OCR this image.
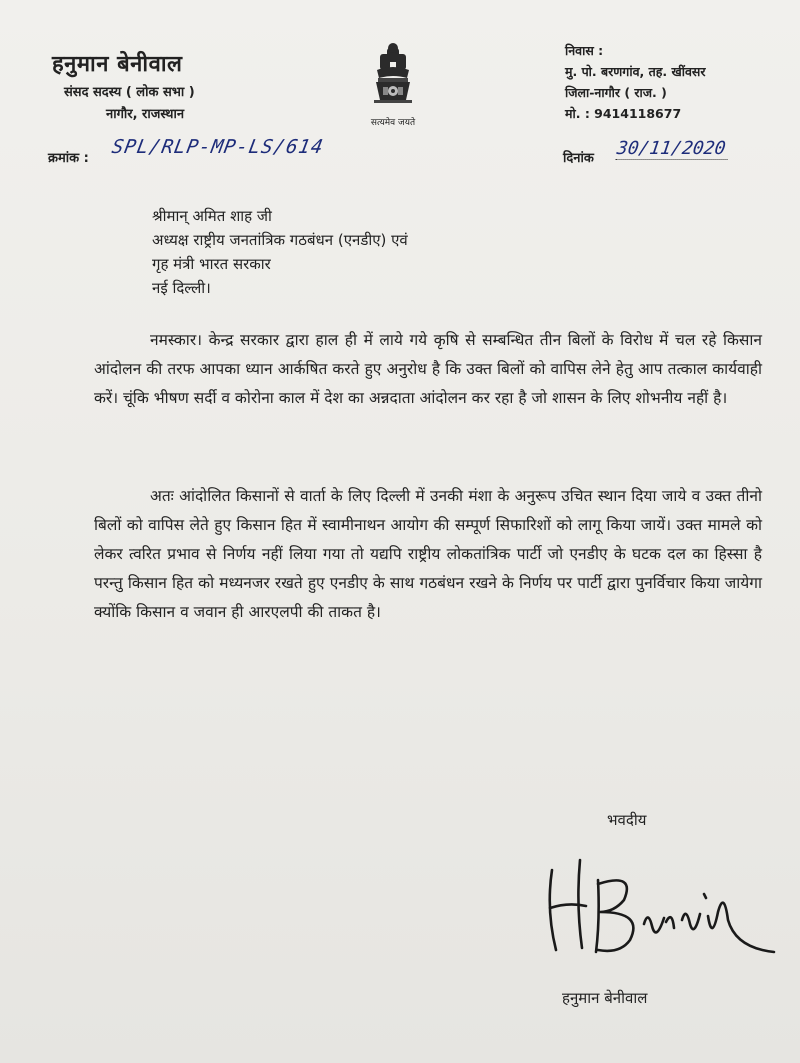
हनुमान बेनीवाल
संसद सदस्य ( लोक सभा )
नागौर, राजस्थान
सत्यमेव जयते
निवास :
मु. पो. बरणगांव, तह. खींवसर
जिला-नागौर ( राज. )
मो. : 9414118677
क्रमांक :
SPL/RLP-MP-LS/614
दिनांक 30/11/2020
श्रीमान् अमित शाह जी
अध्यक्ष राष्ट्रीय जनतांत्रिक गठबंधन (एनडीए) एवं
गृह मंत्री भारत सरकार
नई दिल्ली।
नमस्कार। केन्द्र सरकार द्वारा हाल ही में लाये गये कृषि से सम्बन्धित तीन बिलों के विरोध में चल रहे किसान आंदोलन की तरफ आपका ध्यान आर्कषित करते हुए अनुरोध है कि उक्त बिलों को वापिस लेने हेतु आप तत्काल कार्यवाही करें। चूंकि भीषण सर्दी व कोरोना काल में देश का अन्नदाता आंदोलन कर रहा है जो शासन के लिए शोभनीय नहीं है।
अतः आंदोलित किसानों से वार्ता के लिए दिल्ली में उनकी मंशा के अनुरूप उचित स्थान दिया जाये व उक्त तीनो बिलों को वापिस लेते हुए किसान हित में स्वामीनाथन आयोग की सम्पूर्ण सिफारिशों को लागू किया जायें। उक्त मामले को लेकर त्वरित प्रभाव से निर्णय नहीं लिया गया तो यद्यपि राष्ट्रीय लोकतांत्रिक पार्टी जो एनडीए के घटक दल का हिस्सा है परन्तु किसान हित को मध्यनजर रखते हुए एनडीए के साथ गठबंधन रखने के निर्णय पर पार्टी द्वारा पुनर्विचार किया जायेगा क्योंकि किसान व जवान ही आरएलपी की ताकत है।
भवदीय
हनुमान बेनीवाल
